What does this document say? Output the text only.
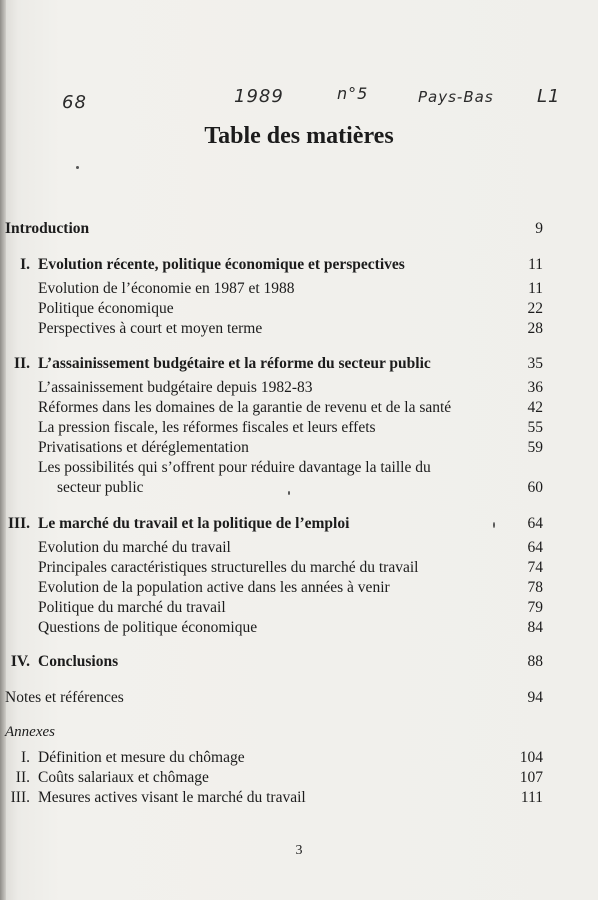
68	1989	n°5	Pays-Bas L1
Table des matières
Introduction	9
I. Evolution récente, politique économique et perspectives	11
Evolution de l’économie en 1987 et 1988	11
Politique économique	22
Perspectives à court et moyen terme	28
II. L’assainissement budgétaire et la réforme du secteur public	35
L’assainissement budgétaire depuis 1982-83	36
Réformes dans les domaines de la garantie de revenu et de la santé	42
La pression fiscale, les réformes fiscales et leurs effets	55
Privatisations et déréglementation	59
Les possibilités qui s’offrent pour réduire davantage la taille du
secteur public	60
III. Le marché du travail et la politique de l’emploi	64
Evolution du marché du travail	64
Principales caractéristiques structurelles du marché du travail	74
Evolution de la population active dans les années à venir	78
Politique du marché du travail	79
Questions de politique économique	84
IV. Conclusions	88
Notes et références	94
Annexes
I. Définition et mesure du chômage	104
II. Coûts salariaux et chômage	107
III. Mesures actives visant le marché du travail	111
3
